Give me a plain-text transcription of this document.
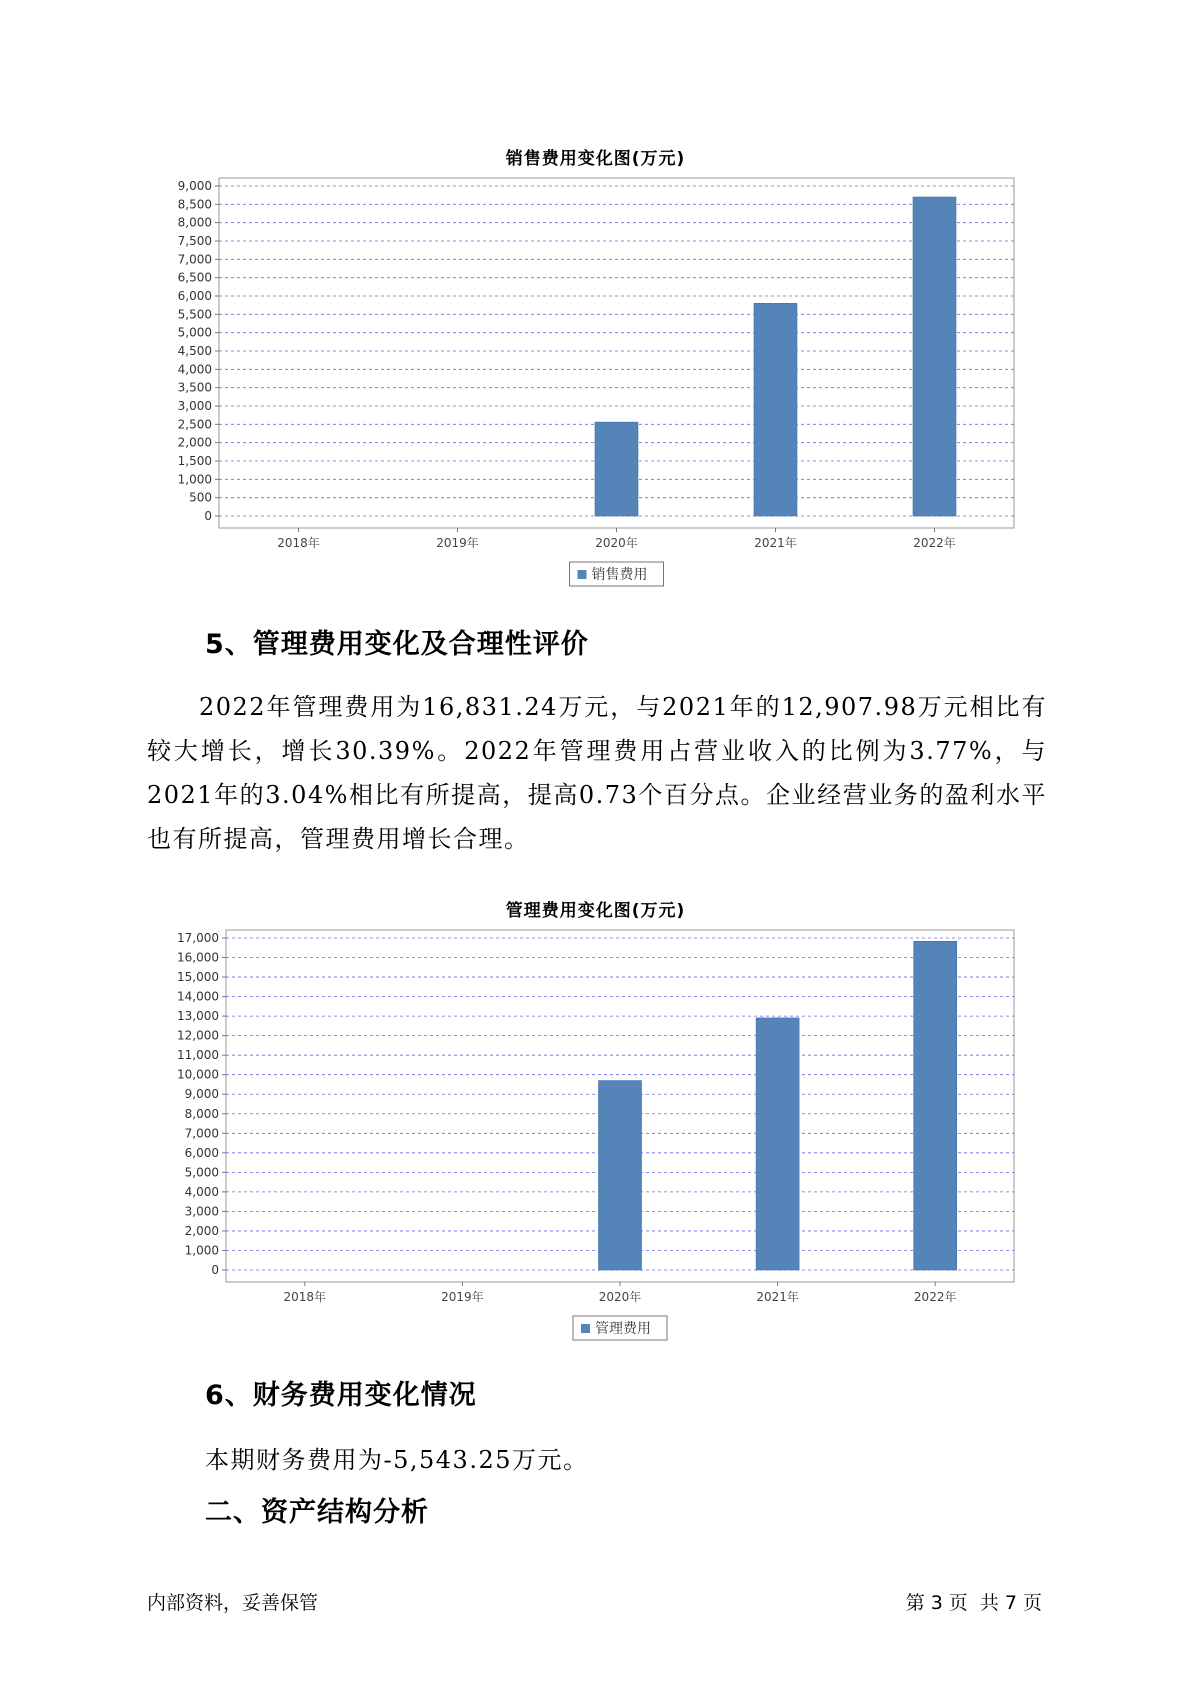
销售费用变化图(万元)
0
500
1,000
1,500
2,000
2,500
3,000
3,500
4,000
4,500
5,000
5,500
6,000
6,500
7,000
7,500
8,000
8,500
9,000
2018年	2019年	2020年	2021年	2022年
销售费用
5、管理费用变化及合理性评价

2022年管理费用为16,831.24万元，与2021年的12,907.98万元相比有较大增长，增长30.39%。2022年管理费用占营业收入的比例为3.77%，与2021年的3.04%相比有所提高，提高0.73个百分点。企业经营业务的盈利水平也有所提高，管理费用增长合理。

管理费用变化图(万元)
0
1,000
2,000
3,000
4,000
5,000
6,000
7,000
8,000
9,000
10,000
11,000
12,000
13,000
14,000
15,000
16,000
17,000
2018年	2019年	2020年	2021年	2022年
管理费用
6、财务费用变化情况

本期财务费用为-5,543.25万元。

二、资产结构分析
内部资料，妥善保管	第 3 页  共 7 页
